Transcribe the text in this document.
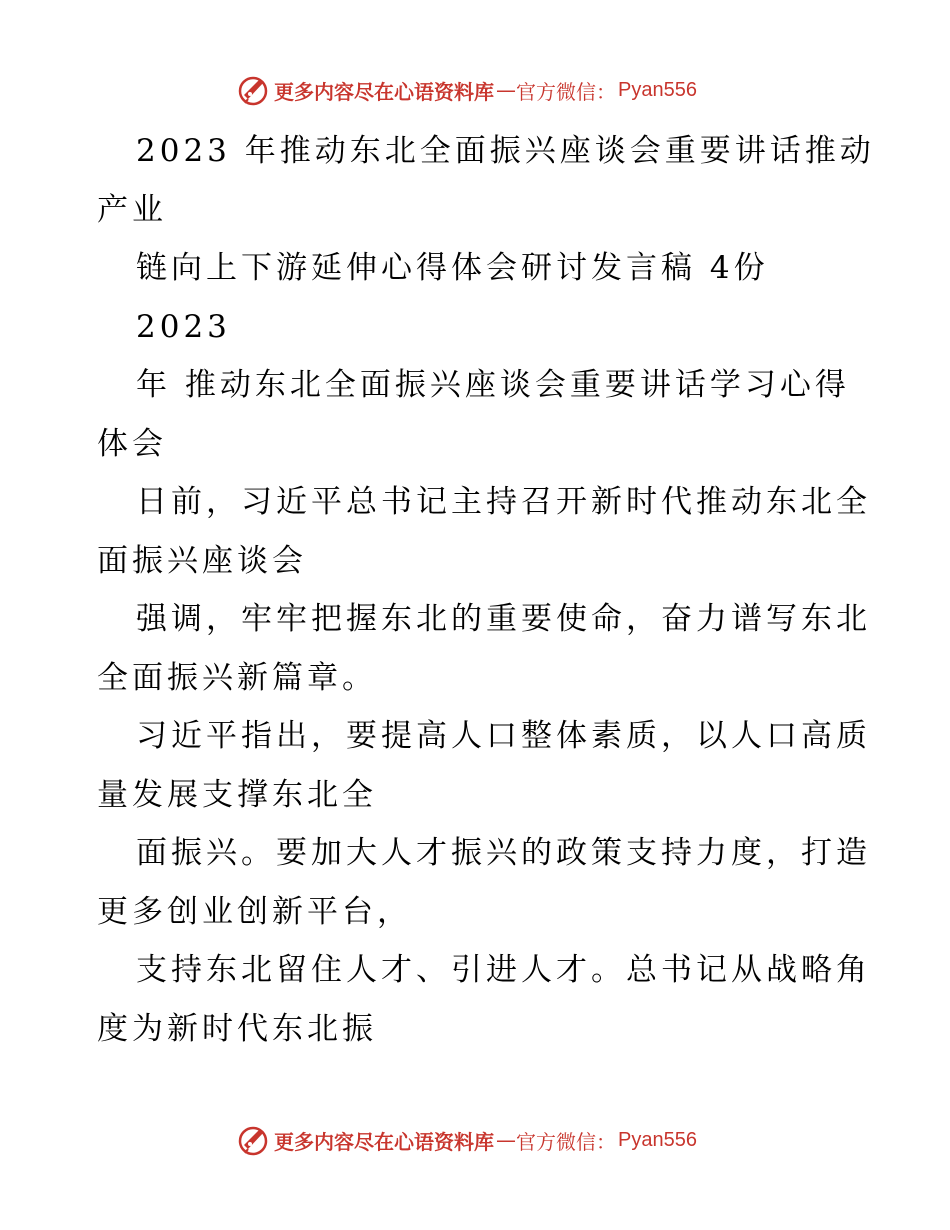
更多内容尽在心语资料库 — 官方微信： Pyan556
2023 年推动东北全面振兴座谈会重要讲话推动
产业
链向上下游延伸心得体会研讨发言稿 4份
2023
年 推动东北全面振兴座谈会重要讲话学习心得
体会
日前，习近平总书记主持召开新时代推动东北全
面振兴座谈会
强调，牢牢把握东北的重要使命，奋力谱写东北
全面振兴新篇章。
习近平指出，要提高人口整体素质，以人口高质
量发展支撑东北全
面振兴。要加大人才振兴的政策支持力度，打造
更多创业创新平台，
支持东北留住人才、引进人才。总书记从战略角
度为新时代东北振
更多内容尽在心语资料库 — 官方微信： Pyan556
